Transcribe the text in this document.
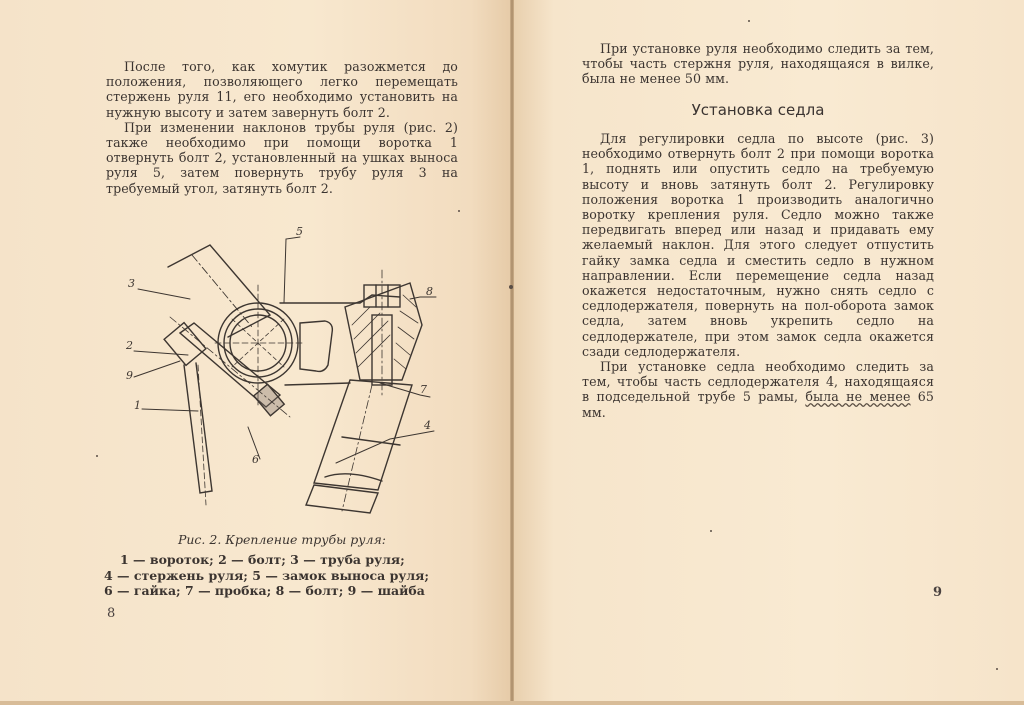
После того, как хомутик разожмется до положения, позволяющего легко перемещать стержень руля 11, его необходимо установить на нужную высоту и затем завернуть болт 2.

При изменении наклонов трубы руля (рис. 2) также необходимо при помощи воротка 1 отвернуть болт 2, установленный на ушках выноса руля 5, затем повернуть трубу руля 3 на требуемый угол, затянуть болт 2.

5
3
8
2
9
1
6
7
4
Рис. 2. Крепление трубы руля:
1 — вороток; 2 — болт; 3 — труба руля;
4 — стержень руля; 5 — замок выноса руля;
6 — гайка; 7 — пробка; 8 — болт; 9 — шайба
8

При установке руля необходимо следить за тем, чтобы часть стержня руля, находящаяся в вилке, была не менее 50 мм.

Установка седла

Для регулировки седла по высоте (рис. 3) необходимо отвернуть болт 2 при помощи воротка 1, поднять или опустить седло на требуемую высоту и вновь затянуть болт 2. Регулировку положения воротка 1 производить аналогично воротку крепления руля. Седло можно также передвигать вперед или назад и придавать ему желаемый наклон. Для этого следует отпустить гайку замка седла и сместить седло в нужном направлении. Если перемещение седла назад окажется недостаточным, нужно снять седло с седлодержателя, повернуть на пол-оборота замок седла, затем вновь укрепить седло на седлодержателе, при этом замок седла окажется сзади седлодержателя.

При установке седла необходимо следить за тем, чтобы часть седлодержателя 4, находящаяся в подседельной трубе 5 рамы, была не менее 65 мм.

9
